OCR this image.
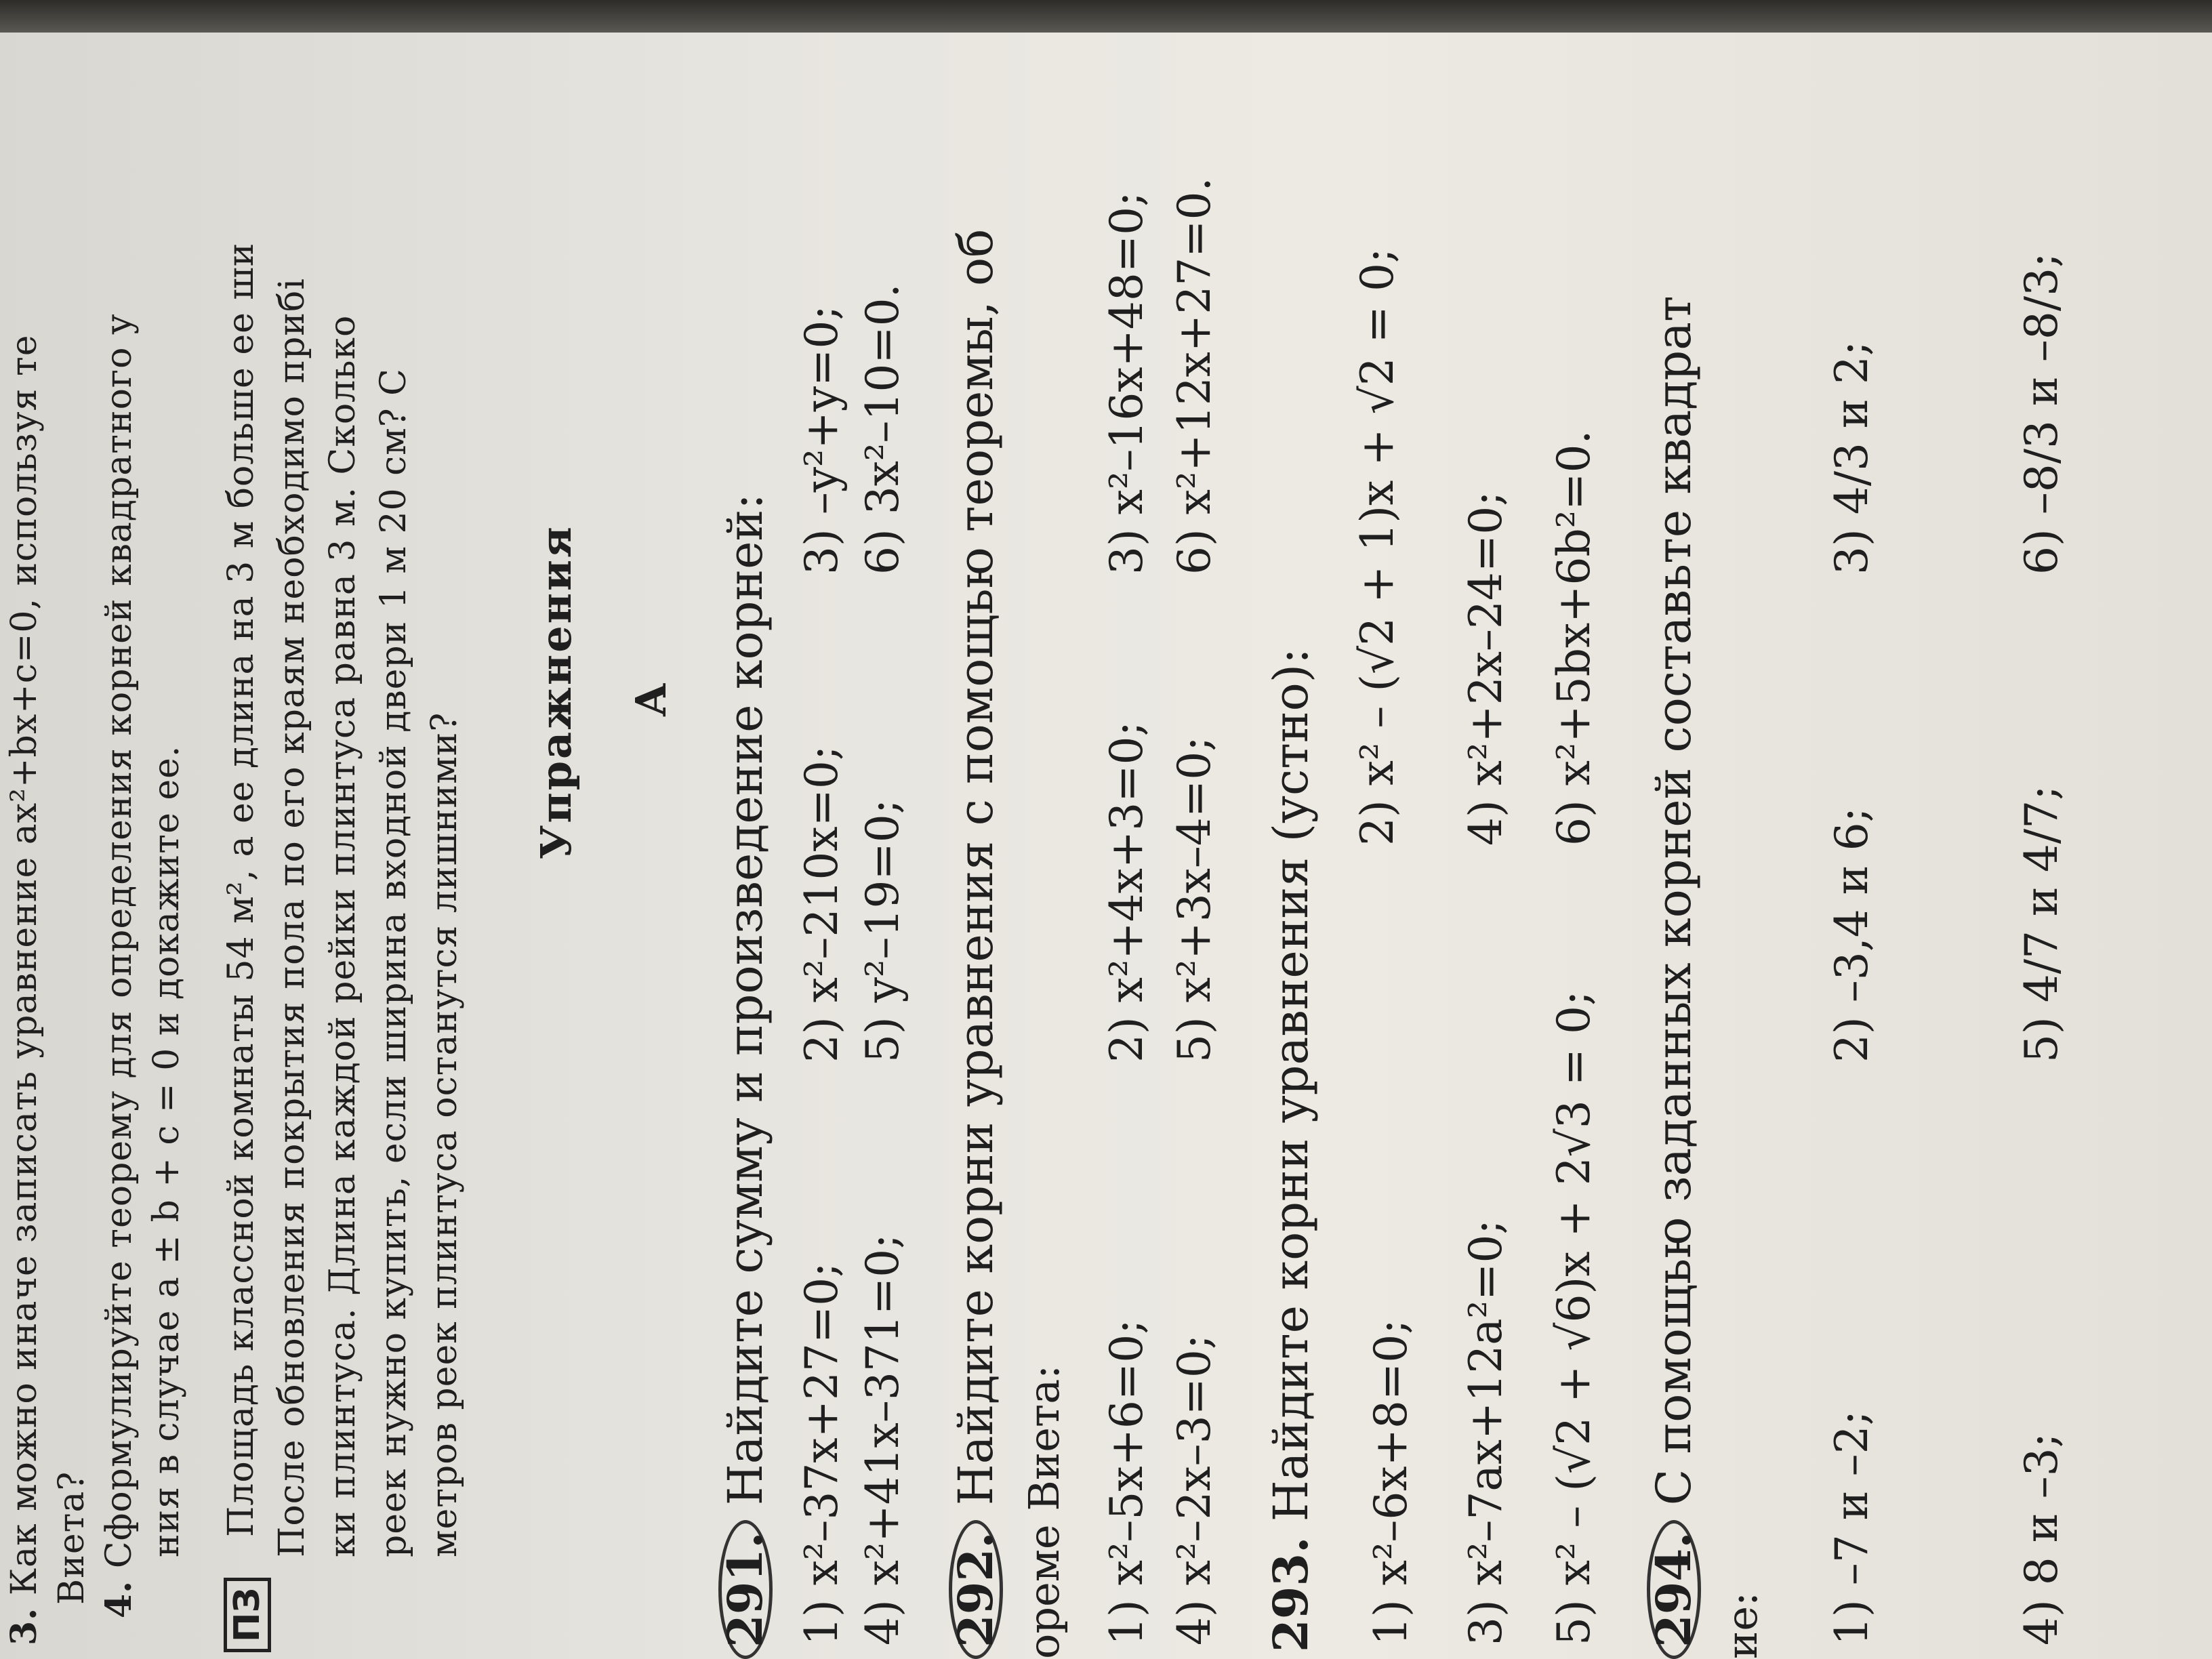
3. Как можно иначе записать уравнение ax²+bx+c=0, используя те Виета? 4. Сформулируйте теорему для определения корней квадратного у ния в случае a ± b + c = 0 и докажите ее.
ПЗ
Площадь классной комнаты 54 м², а ее длина на 3 м больше ее ши После обновления покрытия пола по его краям необходимо прибі ки плинтуса. Длина каждой рейки плинтуса равна 3 м. Сколько реек нужно купить, если ширина входной двери 1 м 20 см? С метров реек плинтуса останутся лишними?
Упражнения А
291. Найдите сумму и произведение корней: 1) x²–37x+27=0;
2) x²–210x=0;
3) –y²+y=0;
4) x²+41x–371=0;
5) y²–19=0;
6) 3x²–10=0.
292. Найдите корни уравнения с помощью теоремы, об
ореме Виета: 1) x²–5x+6=0;
2) x²+4x+3=0;
3) x²–16x+48=0;
4) x²–2x–3=0;
5) x²+3x–4=0;
6) x²+12x+27=0.
293. Найдите корни уравнения (устно): 1) x²–6x+8=0;
2) x² – (√2 + 1)x + √2 = 0;
3) x²–7ax+12a²=0;
4) x²+2x–24=0;
5) x² – (√2 + √6)x + 2√3 = 0;
6) x²+5bx+6b²=0.
294. С помощью заданных корней составьте квадрат
ие: 1) –7 и –2;
2) –3,4 и 6;
3) 4/3 и 2;
4) 8 и –3;
5) 4/7 и 4/7;
6) –8/3 и –8/3;
